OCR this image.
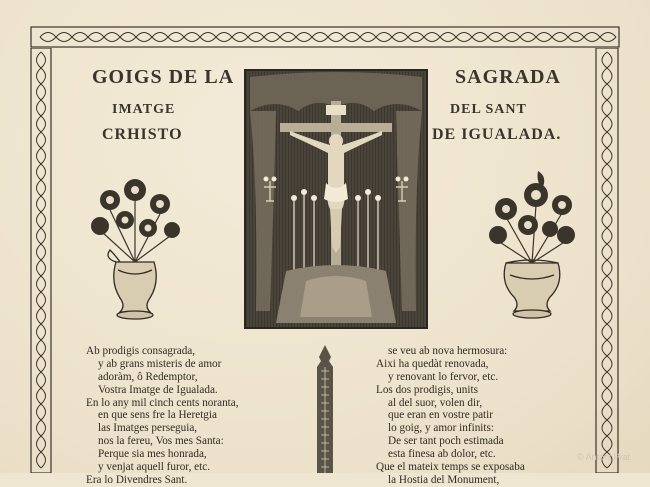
GOIGS DE LA
IMATGE
CRHISTO
SAGRADA
DEL SANT
DE IGUALADA.
Ab prodigis consagrada,
y ab grans misteris de amor
adoràm, ô Redemptor,
Vostra Imatge de Igualada.
En lo any mil cinch cents noranta,
en que sens fre la Heretgia
las Imatges perseguia,
nos la fereu, Vos mes Santa:
Perque sia mes honrada,
y venjat aquell furor, etc.
Era lo Divendres Sant.
se veu ab nova hermosura:
Aixi ha quedàt renovada,
y renovant lo fervor, etc.
Los dos prodigis, units
al del suor, volen dir,
que eran en vostre patir
lo goig, y amor infinits:
De ser tant poch estimada
esta finesa ab dolor, etc.
Que el mateix temps se exposaba
la Hostia del Monument,
© Antoni Prat
